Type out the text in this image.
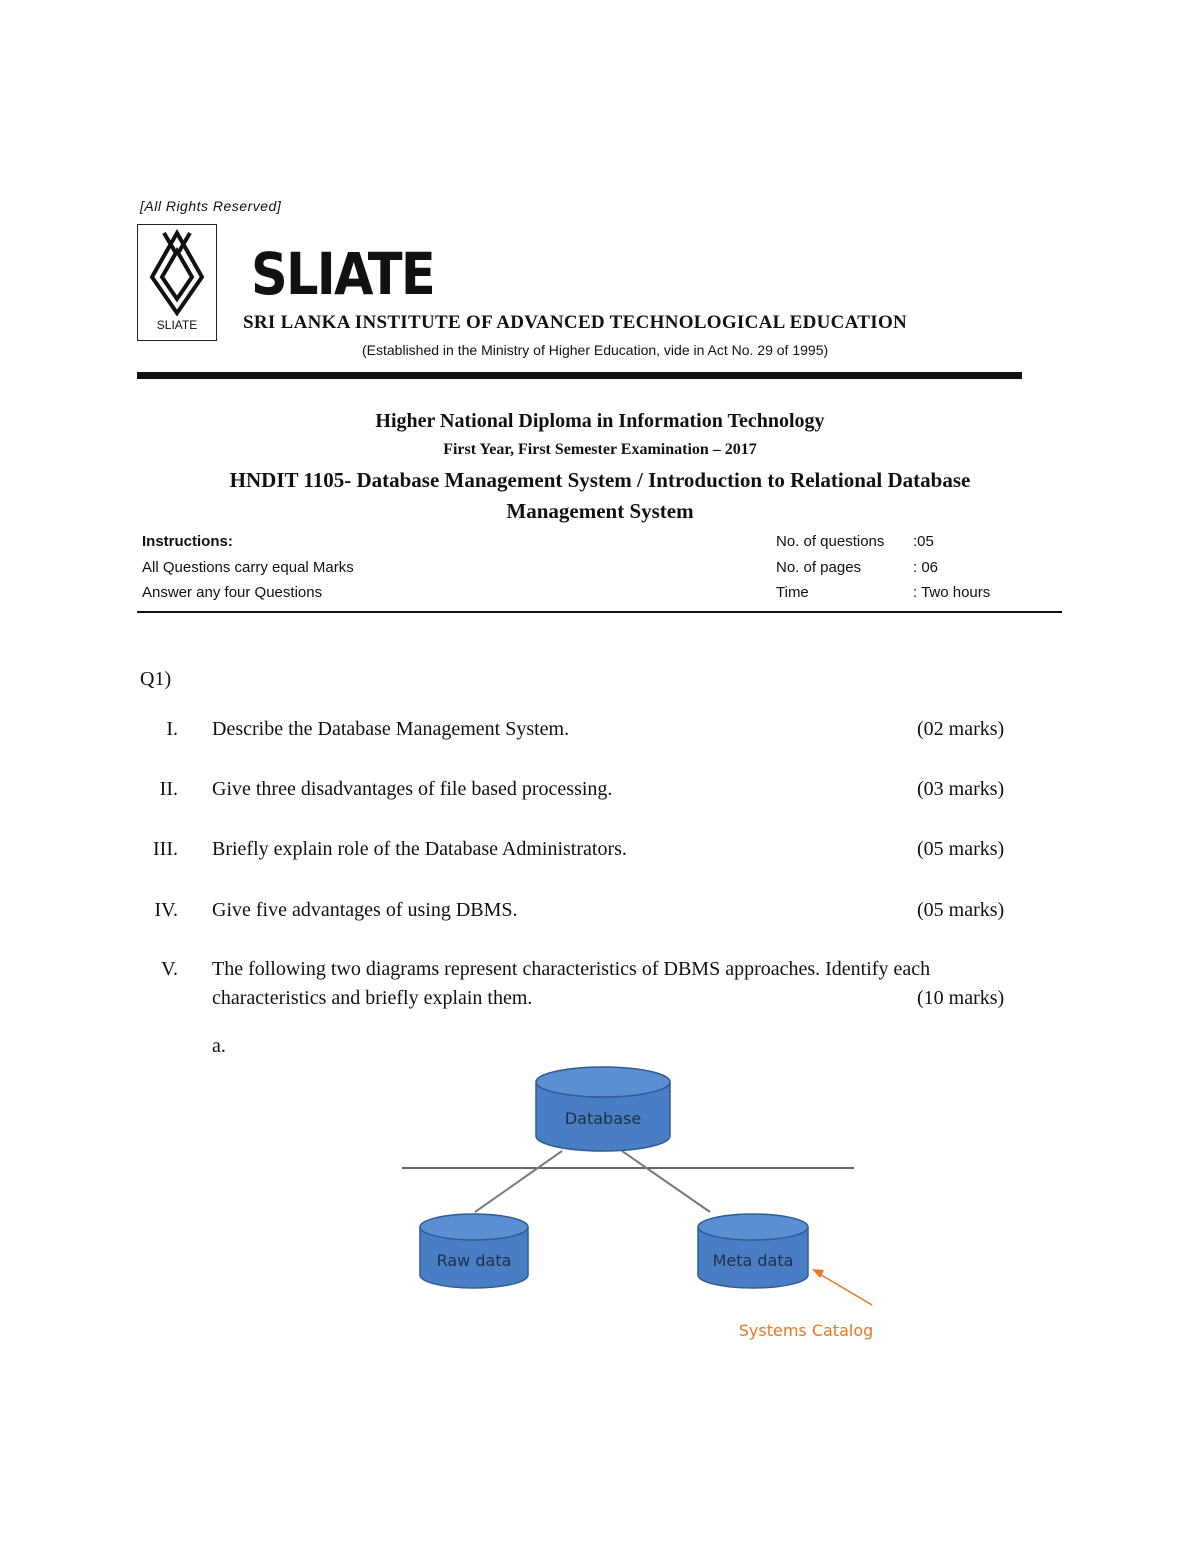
[All Rights Reserved]
SLIATE
SLIATE
SRI LANKA INSTITUTE OF ADVANCED TECHNOLOGICAL EDUCATION
(Established in the Ministry of Higher Education, vide in Act No. 29 of 1995)
Higher National Diploma in Information Technology
First Year, First Semester Examination – 2017
HNDIT 1105- Database Management System / Introduction to Relational Database
Management System
Instructions:
All Questions carry equal Marks
Answer any four Questions
No. of questions :05
No. of pages	: 06
Time	: Two hours
Q1)
I. Describe the Database Management System.	(02 marks)
II. Give three disadvantages of file based processing.	(03 marks)
III. Briefly explain role of the Database Administrators.	(05 marks)
IV. Give five advantages of using DBMS.	(05 marks)
V. The following two diagrams represent characteristics of DBMS approaches. Identify each
characteristics and briefly explain them.	(10 marks)
a.
Database
Raw data	Meta data
Systems Catalog
